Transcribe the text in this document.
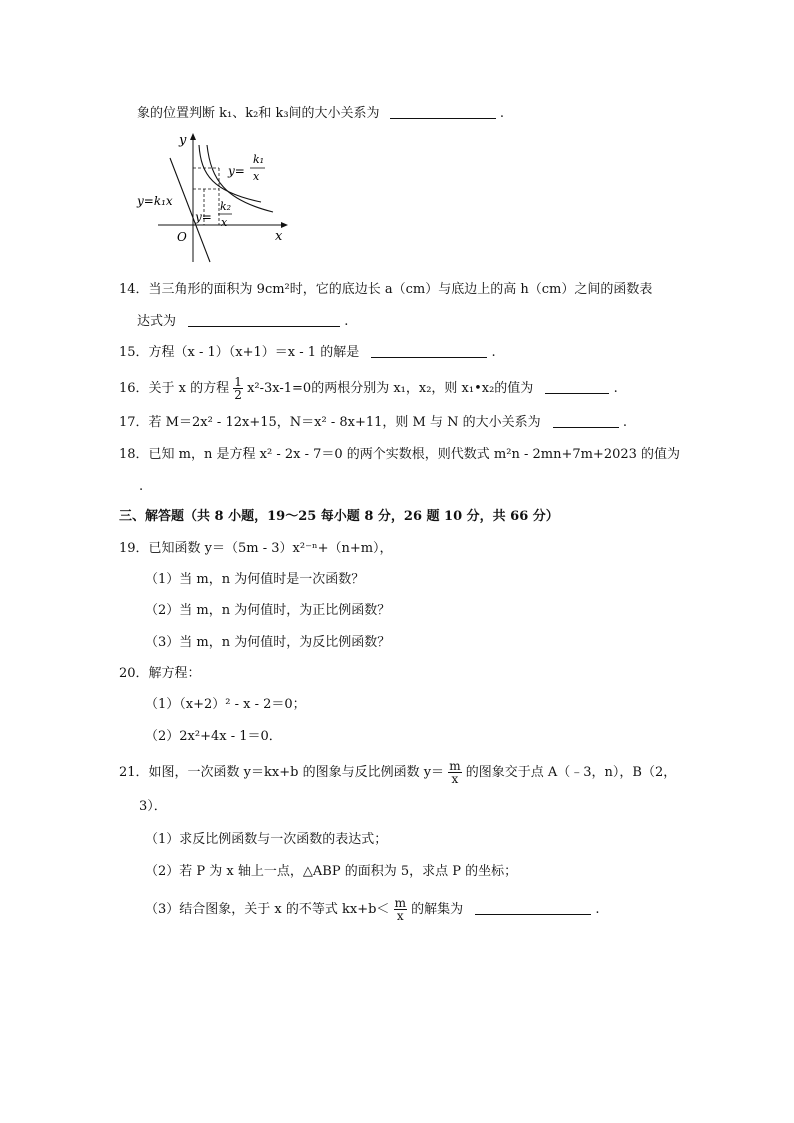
象的位置判断 k₁、k₂和 k₃间的大小关系为	.
y
x
O
y=k₁x
y=
k₁
x
y=
k₂
x
14．当三角形的面积为 9cm²时，它的底边长 a（cm）与底边上的高 h（cm）之间的函数表
达式为	.
15．方程（x - 1）（x+1）＝x - 1 的解是	.
16．关于 x 的方程 $\frac{1}{2} x^2-3x-1=0$的两根分别为 x₁，x₂，则 x₁•x₂的值为	.
17．若 M＝2x² - 12x+15，N＝x² - 8x+11，则 M 与 N 的大小关系为	.
18．已知 m，n 是方程 x² - 2x - 7＝0 的两个实数根，则代数式 m²n - 2mn+7m+2023 的值为
.
三、解答题（共 8 小题，19～25 每小题 8 分，26 题 10 分，共 66 分）
19．已知函数 y＝（5m - 3）x²⁻ⁿ+（n+m），
（1）当 m，n 为何值时是一次函数？
（2）当 m，n 为何值时，为正比例函数？
（3）当 m，n 为何值时，为反比例函数？
20．解方程：
（1）（x+2）² - x - 2＝0；
（2）2x²+4x - 1＝0．
21．如图，一次函数 y＝kx+b 的图象与反比例函数 $y= \frac{m}{x}$ 的图象交于点 A（﹣3，n），B（2，
3）．
（1）求反比例函数与一次函数的表达式；
（2）若 P 为 x 轴上一点，△ABP 的面积为 5，求点 P 的坐标；
（3）结合图象，关于 x 的不等式 $kx+b< \frac{m}{x}$ 的解集为	.
